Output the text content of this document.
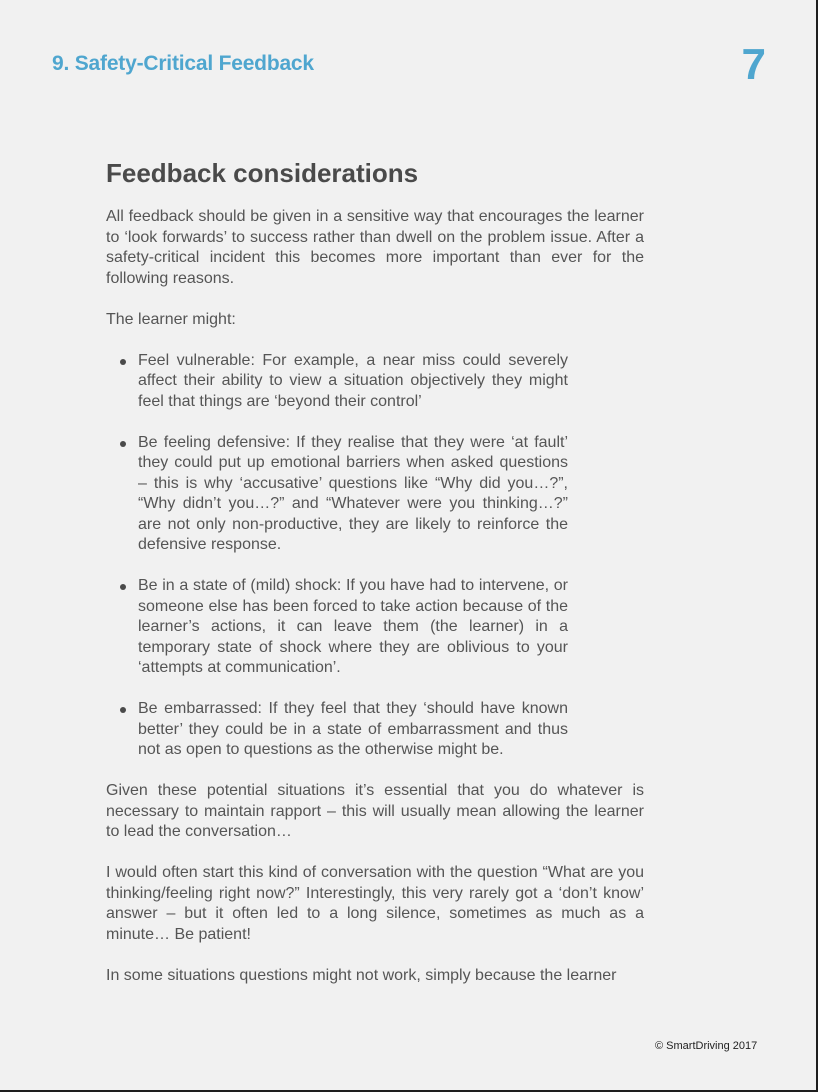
9. Safety-Critical Feedback	7
Feedback considerations

All feedback should be given in a sensitive way that encourages the learner to ‘look forwards’ to success rather than dwell on the problem issue. After a safety-critical incident this becomes more important than ever for the following reasons.

The learner might:

Feel vulnerable: For example, a near miss could severely affect their ability to view a situation objectively they might feel that things are ‘beyond their control’
Be feeling defensive: If they realise that they were ‘at fault’ they could put up emotional barriers when asked questions – this is why ‘accusative’ questions like “Why did you…?”, “Why didn’t you…?” and “Whatever were you thinking…?” are not only non-productive, they are likely to reinforce the defensive response.
Be in a state of (mild) shock: If you have had to intervene, or someone else has been forced to take action because of the learner’s actions, it can leave them (the learner) in a temporary state of shock where they are oblivious to your ‘attempts at communication’.
Be embarrassed: If they feel that they ‘should have known better’ they could be in a state of embarrassment and thus not as open to questions as the otherwise might be.

Given these potential situations it’s essential that you do whatever is necessary to maintain rapport – this will usually mean allowing the learner to lead the conversation…

I would often start this kind of conversation with the question “What are you thinking/feeling right now?” Interestingly, this very rarely got a ‘don’t know’ answer – but it often led to a long silence, sometimes as much as a minute… Be patient!

In some situations questions might not work, simply because the learner

© SmartDriving 2017
